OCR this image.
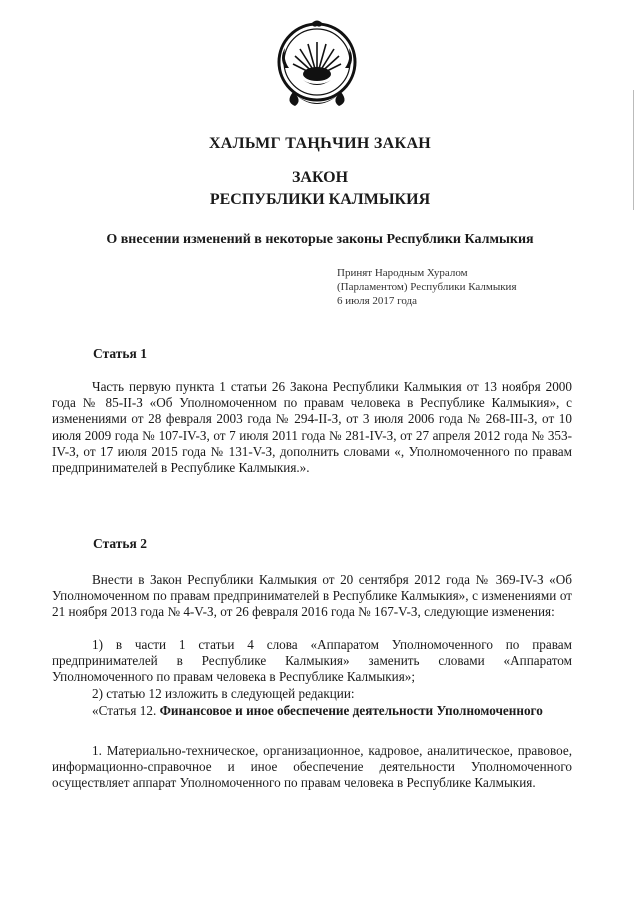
ХАЛЬМГ ТАҢҺЧИН ЗАКАН
ЗАКОН
РЕСПУБЛИКИ КАЛМЫКИЯ
О внесении изменений в некоторые законы Республики Калмыкия
Принят Народным Хуралом
(Парламентом) Республики Калмыкия
6 июля 2017 года
Статья 1
Часть первую пункта 1 статьи 26 Закона Республики Калмыкия от 13 ноября 2000 года № 85-II-З «Об Уполномоченном по правам человека в Республике Калмыкия», с изменениями от 28 февраля 2003 года № 294-II-З, от 3 июля 2006 года № 268-III-З, от 10 июля 2009 года № 107-IV-З, от 7 июля 2011 года № 281-IV-З, от 27 апреля 2012 года № 353-IV-З, от 17 июля 2015 года № 131-V-З, дополнить словами «, Уполномоченного по правам предпринимателей в Республике Калмыкия.».
Статья 2
Внести в Закон Республики Калмыкия от 20 сентября 2012 года № 369-IV-З «Об Уполномоченном по правам предпринимателей в Республике Калмыкия», с изменениями от 21 ноября 2013 года № 4-V-З, от 26 февраля 2016 года № 167-V-З, следующие изменения:
1) в части 1 статьи 4 слова «Аппаратом Уполномоченного по правам предпринимателей в Республике Калмыкия» заменить словами «Аппаратом Уполномоченного по правам человека в Республике Калмыкия»;
2) статью 12 изложить в следующей редакции:
«Статья 12. Финансовое и иное обеспечение деятельности Уполномоченного
1. Материально-техническое, организационное, кадровое, аналитическое, правовое, информационно-справочное и иное обеспечение деятельности Уполномоченного осуществляет аппарат Уполномоченного по правам человека в Республике Калмыкия.
